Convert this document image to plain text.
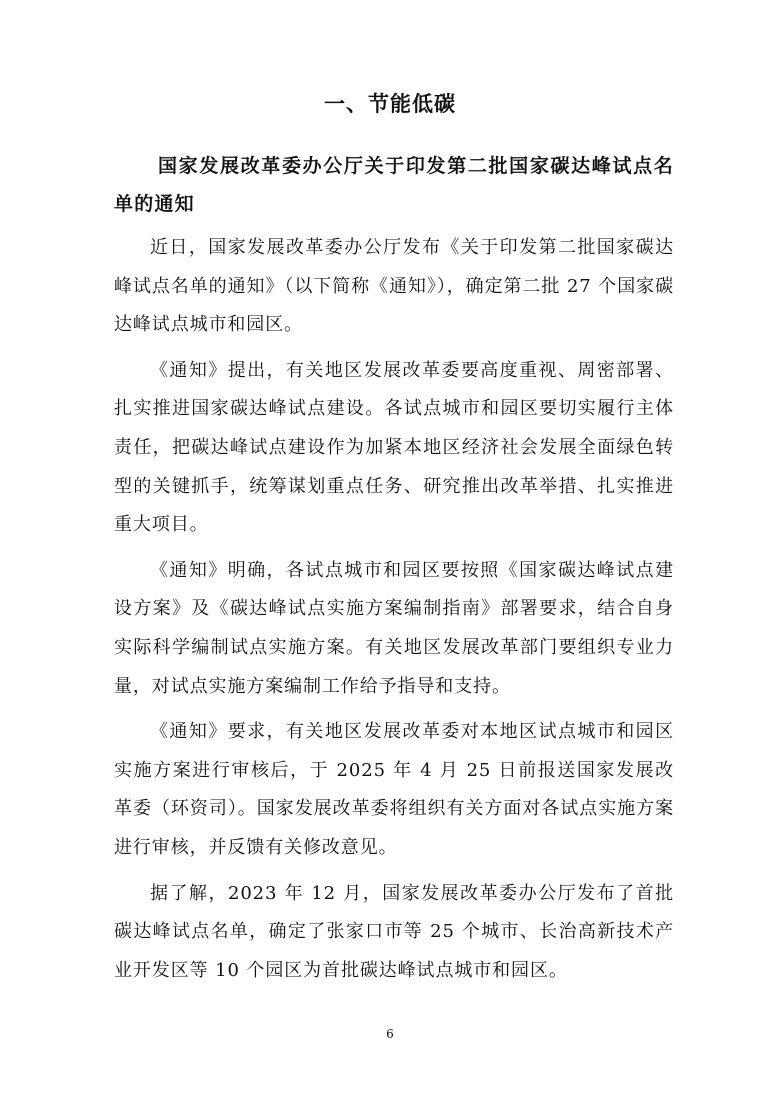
一、节能低碳
国家发展改革委办公厅关于印发第二批国家碳达峰试点名单的通知

近日，国家发展改革委办公厅发布《关于印发第二批国家碳达峰试点名单的通知》（以下简称《通知》），确定第二批 27 个国家碳达峰试点城市和园区。

《通知》提出，有关地区发展改革委要高度重视、周密部署、扎实推进国家碳达峰试点建设。各试点城市和园区要切实履行主体责任，把碳达峰试点建设作为加紧本地区经济社会发展全面绿色转型的关键抓手，统筹谋划重点任务、研究推出改革举措、扎实推进重大项目。

《通知》明确，各试点城市和园区要按照《国家碳达峰试点建设方案》及《碳达峰试点实施方案编制指南》部署要求，结合自身实际科学编制试点实施方案。有关地区发展改革部门要组织专业力量，对试点实施方案编制工作给予指导和支持。

《通知》要求，有关地区发展改革委对本地区试点城市和园区实施方案进行审核后，于 2025 年 4 月 25 日前报送国家发展改革委（环资司）。国家发展改革委将组织有关方面对各试点实施方案进行审核，并反馈有关修改意见。

据了解，2023 年 12 月，国家发展改革委办公厅发布了首批碳达峰试点名单，确定了张家口市等 25 个城市、长治高新技术产业开发区等 10 个园区为首批碳达峰试点城市和园区。

6
